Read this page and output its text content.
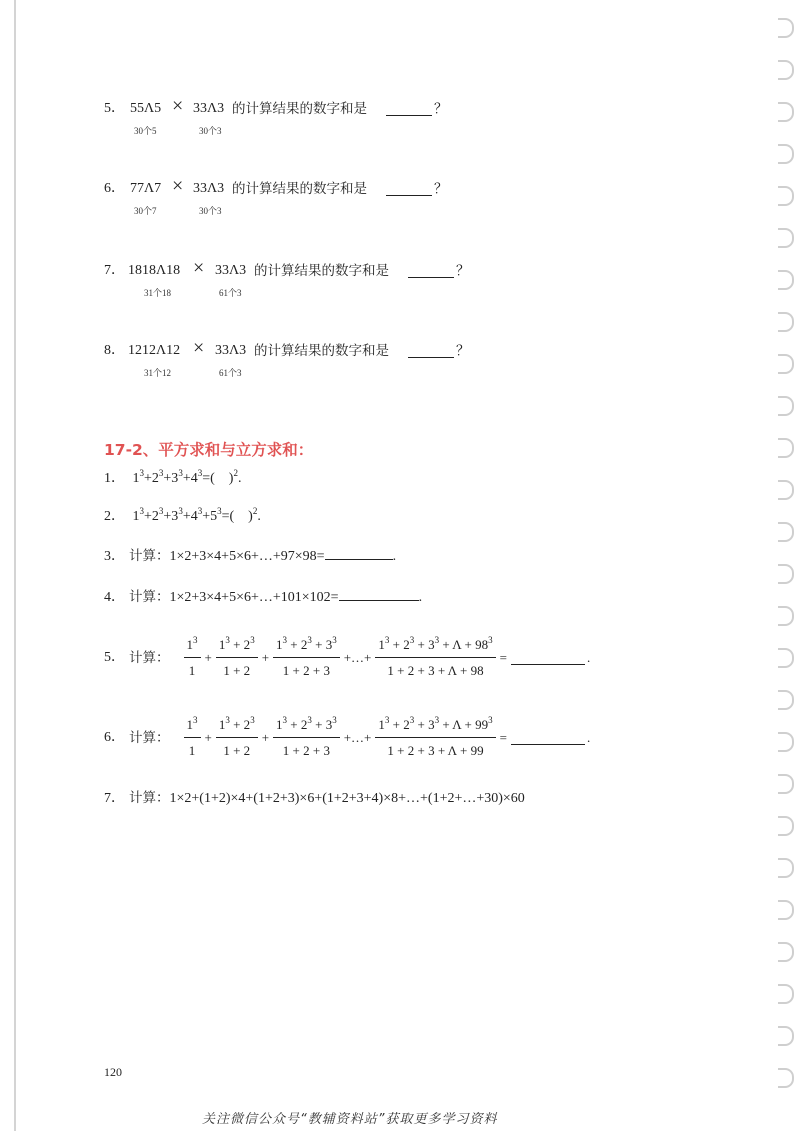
5． 55Λ5
30个5
× 33Λ3
30个3
的计算结果的数字和是	？
6． 77Λ7
30个7
× 33Λ3
30个3
的计算结果的数字和是	？
7． 1818Λ18
31个18
× 33Λ3
61个3
的计算结果的数字和是	？
8． 1212Λ12
31个12
× 33Λ3
61个3
的计算结果的数字和是	？
17-2、平方求和与立方求和：
1． $1^3+2^3+3^3+4^3=$(　)$^2$.
2． $1^3+2^3+3^3+4^3+5^3=$(　)$^2$.
3． 计算：1×2+3×4+5×6+…+97×98=	.
4． 计算：1×2+3×4+5×6+…+101×102=	.
5． 计算： $\frac{1^3}{1} + \frac{1^3 + 2^3}{1 + 2} + \frac{1^3 + 2^3 + 3^3}{1 + 2 + 3}$ +…+ $\frac{1^3 + 2^3 + 3^3 + \Lambda + 98^3}{1 + 2 + 3 + \Lambda + 98}$ =	.
6． 计算： $\frac{1^3}{1} + \frac{1^3 + 2^3}{1 + 2} + \frac{1^3 + 2^3 + 3^3}{1 + 2 + 3}$ +…+ $\frac{1^3 + 2^3 + 3^3 + \Lambda + 99^3}{1 + 2 + 3 + \Lambda + 99}$ =	.
7． 计算：1×2+(1+2)×4+(1+2+3)×6+(1+2+3+4)×8+…+(1+2+…+30)×60
120
关注微信公众号“教辅资料站”获取更多学习资料
